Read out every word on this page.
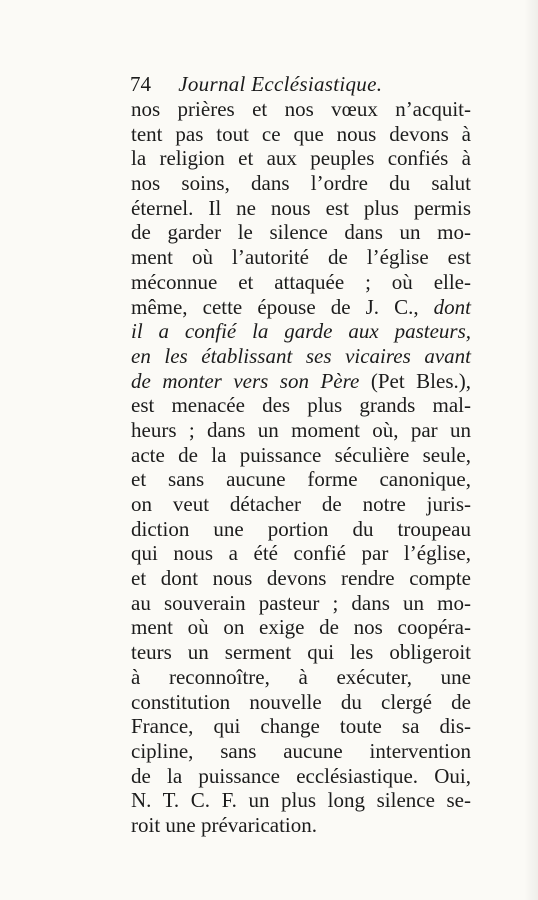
74 Journal Ecclésiastique.
nos prières et nos vœux n’acquit-
tent pas tout ce que nous devons à
la religion et aux peuples confiés à
nos soins, dans l’ordre du salut
éternel. Il ne nous est plus permis
de garder le silence dans un mo-
ment où l’autorité de l’église est
méconnue et attaquée ; où elle-
même, cette épouse de J. C., dont
il a confié la garde aux pasteurs,
en les établissant ses vicaires avant
de monter vers son Père (Pet Bles.),
est menacée des plus grands mal-
heurs ; dans un moment où, par un
acte de la puissance séculière seule,
et sans aucune forme canonique,
on veut détacher de notre juris-
diction une portion du troupeau
qui nous a été confié par l’église,
et dont nous devons rendre compte
au souverain pasteur ; dans un mo-
ment où on exige de nos coopéra-
teurs un serment qui les obligeroit
à reconnoître, à exécuter, une
constitution nouvelle du clergé de
France, qui change toute sa dis-
cipline, sans aucune intervention
de la puissance ecclésiastique. Oui,
N. T. C. F. un plus long silence se-
roit une prévarication.
